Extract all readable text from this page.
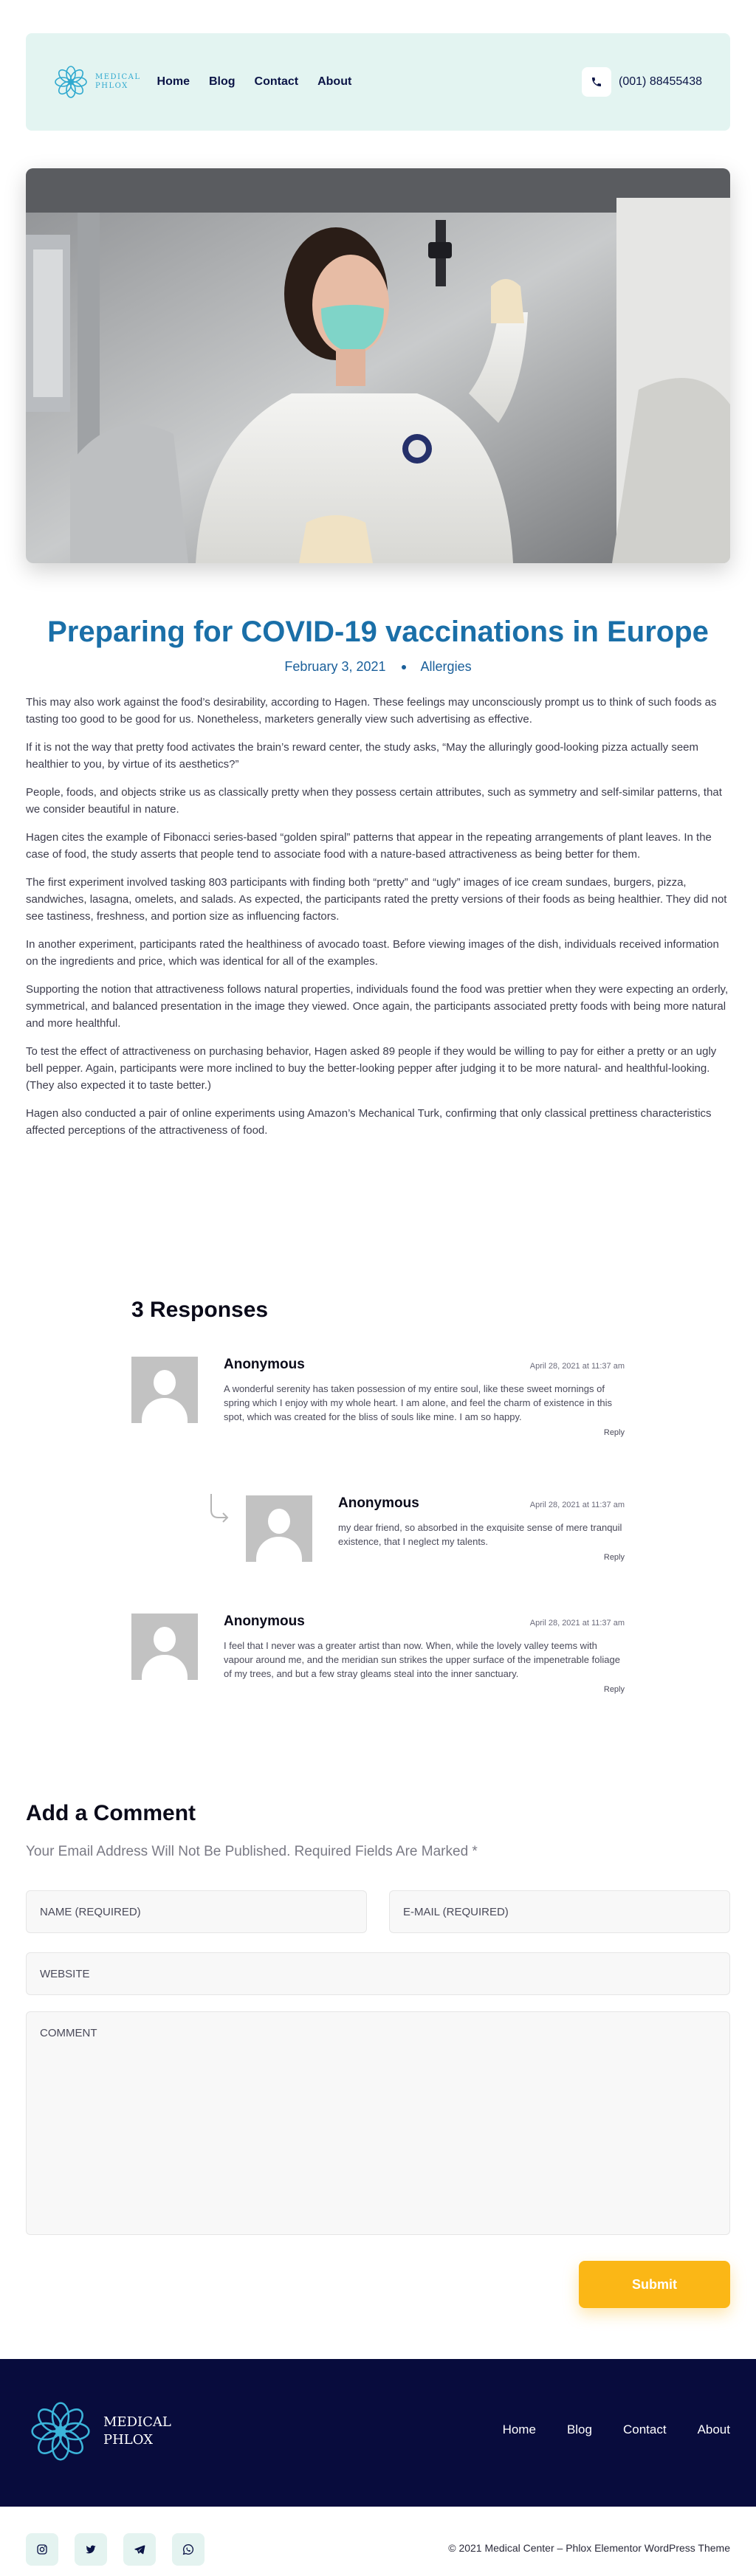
MEDICAL
PHLOX	Home Blog Contact About	(001) 88455438
Preparing for COVID-19 vaccinations in Europe
February 3, 2021	Allergies

This may also work against the food’s desirability, according to Hagen. These feelings may unconsciously prompt us to think of such foods as tasting too good to be good for us. Nonetheless, marketers generally view such advertising as effective.

If it is not the way that pretty food activates the brain’s reward center, the study asks, “May the alluringly good-looking pizza actually seem healthier to you, by virtue of its aesthetics?”

People, foods, and objects strike us as classically pretty when they possess certain attributes, such as symmetry and self-similar patterns, that we consider beautiful in nature.

Hagen cites the example of Fibonacci series-based “golden spiral” patterns that appear in the repeating arrangements of plant leaves. In the case of food, the study asserts that people tend to associate food with a nature-based attractiveness as being better for them.

The first experiment involved tasking 803 participants with finding both “pretty” and “ugly” images of ice cream sundaes, burgers, pizza, sandwiches, lasagna, omelets, and salads. As expected, the participants rated the pretty versions of their foods as being healthier. They did not see tastiness, freshness, and portion size as influencing factors.

In another experiment, participants rated the healthiness of avocado toast. Before viewing images of the dish, individuals received information on the ingredients and price, which was identical for all of the examples.

Supporting the notion that attractiveness follows natural properties, individuals found the food was prettier when they were expecting an orderly, symmetrical, and balanced presentation in the image they viewed. Once again, the participants associated pretty foods with being more natural and more healthful.

To test the effect of attractiveness on purchasing behavior, Hagen asked 89 people if they would be willing to pay for either a pretty or an ugly bell pepper. Again, participants were more inclined to buy the better-looking pepper after judging it to be more natural- and healthful-looking. (They also expected it to taste better.)

Hagen also conducted a pair of online experiments using Amazon’s Mechanical Turk, confirming that only classical prettiness characteristics affected perceptions of the attractiveness of food.

3 Responses
Anonymous	April 28, 2021 at 11:37 am
A wonderful serenity has taken possession of my entire soul, like these sweet mornings of spring which I enjoy with my whole heart. I am alone, and feel the charm of existence in this spot, which was created for the bliss of souls like mine. I am so happy.
Reply
Anonymous	April 28, 2021 at 11:37 am
my dear friend, so absorbed in the exquisite sense of mere tranquil existence, that I neglect my talents.
Reply
Anonymous	April 28, 2021 at 11:37 am
I feel that I never was a greater artist than now. When, while the lovely valley teems with vapour around me, and the meridian sun strikes the upper surface of the impenetrable foliage of my trees, and but a few stray gleams steal into the inner sanctuary.
Reply
Add a Comment
Your Email Address Will Not Be Published. Required Fields Are Marked *
NAME (REQUIRED)	E-MAIL (REQUIRED)
WEBSITE
COMMENT
Submit
MEDICAL
PHLOX
Home Blog Contact About
© 2021 Medical Center – Phlox Elementor WordPress Theme
